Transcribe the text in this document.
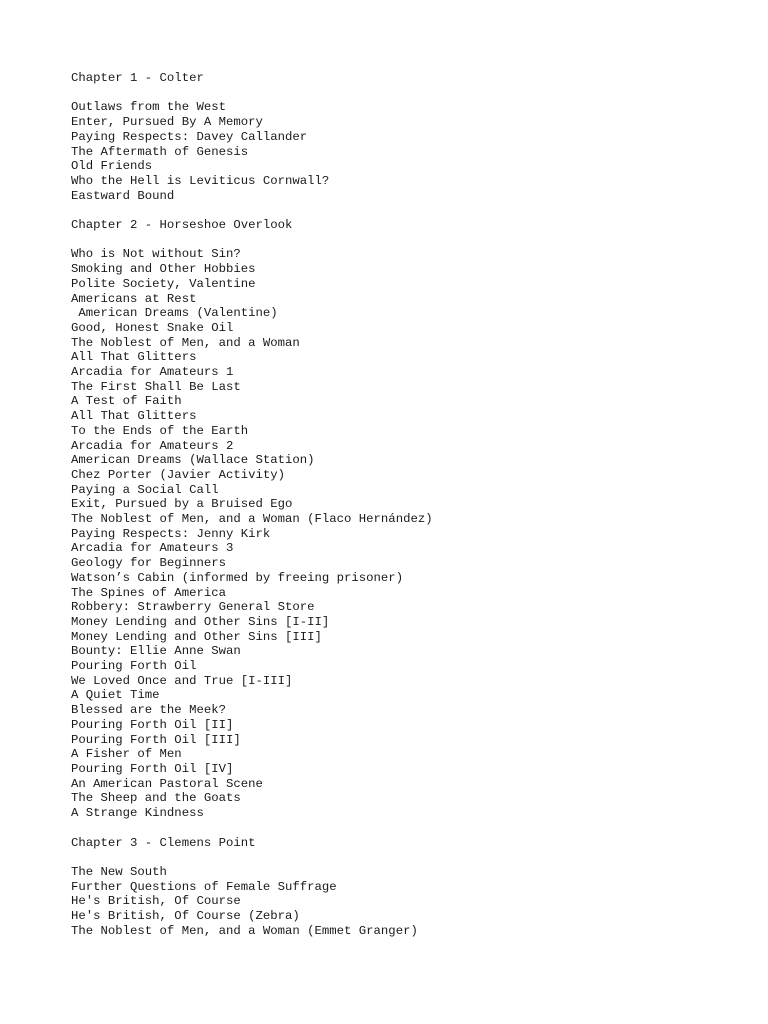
Chapter 1 - Colter
Outlaws from the West
Enter, Pursued By A Memory
Paying Respects: Davey Callander
The Aftermath of Genesis
Old Friends
Who the Hell is Leviticus Cornwall?
Eastward Bound
Chapter 2 - Horseshoe Overlook
Who is Not without Sin?
Smoking and Other Hobbies
Polite Society, Valentine
Americans at Rest
American Dreams (Valentine)
Good, Honest Snake Oil
The Noblest of Men, and a Woman
All That Glitters
Arcadia for Amateurs 1
The First Shall Be Last
A Test of Faith
All That Glitters
To the Ends of the Earth
Arcadia for Amateurs 2
American Dreams (Wallace Station)
Chez Porter (Javier Activity)
Paying a Social Call
Exit, Pursued by a Bruised Ego
The Noblest of Men, and a Woman (Flaco Hernández)
Paying Respects: Jenny Kirk
Arcadia for Amateurs 3
Geology for Beginners
Watson’s Cabin (informed by freeing prisoner)
The Spines of America
Robbery: Strawberry General Store
Money Lending and Other Sins [I-II]
Money Lending and Other Sins [III]
Bounty: Ellie Anne Swan
Pouring Forth Oil
We Loved Once and True [I-III]
A Quiet Time
Blessed are the Meek?
Pouring Forth Oil [II]
Pouring Forth Oil [III]
A Fisher of Men
Pouring Forth Oil [IV]
An American Pastoral Scene
The Sheep and the Goats
A Strange Kindness
Chapter 3 - Clemens Point
The New South
Further Questions of Female Suffrage
He's British, Of Course
He's British, Of Course (Zebra)
The Noblest of Men, and a Woman (Emmet Granger)
